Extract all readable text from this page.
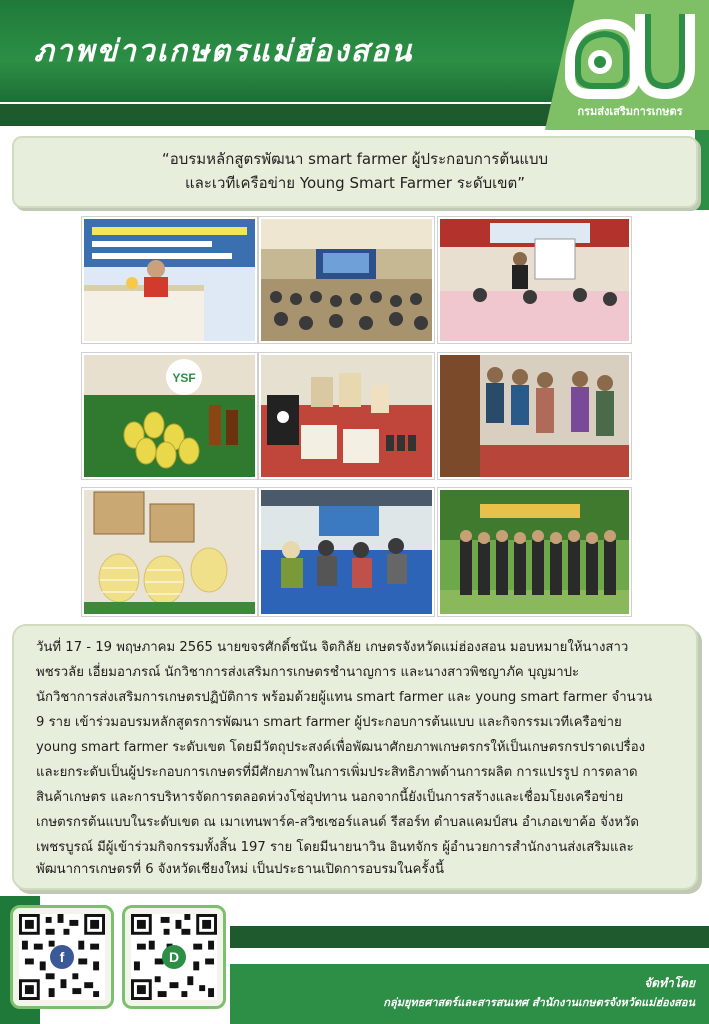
ภาพข่าวเกษตรแม่ฮ่องสอน
กรมส่งเสริมการเกษตร
“อบรมหลักสูตรพัฒนา smart farmer ผู้ประกอบการต้นแบบ
และเวทีเครือข่าย Young Smart Farmer ระดับเขต”
YSF
วันที่ 17 - 19 พฤษภาคม 2565 นายขจรศักดิ์ชนัน จิตกิลัย เกษตรจังหวัดแม่ฮ่องสอน มอบหมายให้นางสาว
พชรวลัย เอี่ยมอาภรณ์ นักวิชาการส่งเสริมการเกษตรชำนาญการ และนางสาวพิชญาภัค บุญมาปะ
นักวิชาการส่งเสริมการเกษตรปฏิบัติการ พร้อมด้วยผู้แทน smart farmer และ young smart farmer จำนวน
9 ราย เข้าร่วมอบรมหลักสูตรการพัฒนา smart farmer ผู้ประกอบการต้นแบบ และกิจกรรมเวทีเครือข่าย
young smart farmer ระดับเขต โดยมีวัตถุประสงค์เพื่อพัฒนาศักยภาพเกษตรกรให้เป็นเกษตรกรปราดเปรื่อง
และยกระดับเป็นผู้ประกอบการเกษตรที่มีศักยภาพในการเพิ่มประสิทธิภาพด้านการผลิต การแปรรูป การตลาด
สินค้าเกษตร และการบริหารจัดการตลอดห่วงโซ่อุปทาน นอกจากนี้ยังเป็นการสร้างและเชื่อมโยงเครือข่าย
เกษตรกรต้นแบบในระดับเขต ณ เมาเทนพาร์ค-สวิชเซอร์แลนด์ รีสอร์ท ตำบลแคมป์สน อำเภอเขาค้อ จังหวัด
เพชรบูรณ์ มีผู้เข้าร่วมกิจกรรมทั้งสิ้น 197 ราย โดยมีนายนาวิน อินทจักร ผู้อำนวยการสำนักงานส่งเสริมและ
พัฒนาการเกษตรที่ 6 จังหวัดเชียงใหม่ เป็นประธานเปิดการอบรมในครั้งนี้
จัดทำโดย
กลุ่มยุทธศาสตร์และสารสนเทศ สำนักงานเกษตรจังหวัดแม่ฮ่องสอน
f	D
